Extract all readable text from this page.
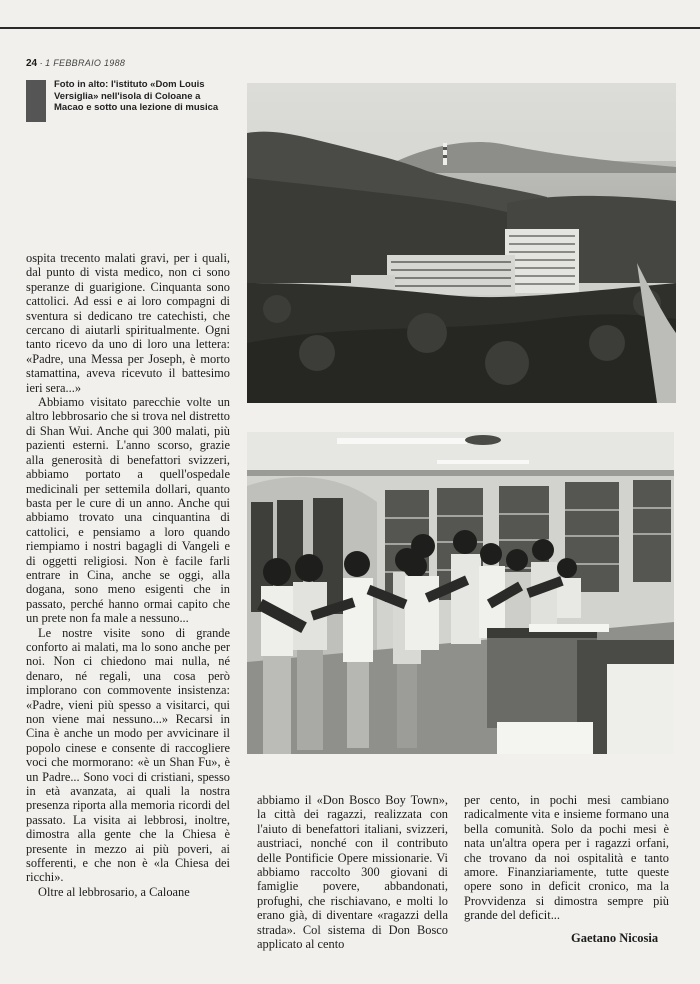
24 · 1 FEBBRAIO 1988
Foto in alto: l'istituto «Dom Louis Versiglia» nell'isola di Coloane a Macao e sotto una lezione di musica

ospita trecento malati gravi, per i quali, dal punto di vista medico, non ci sono speranze di guarigione. Cinquanta sono cattolici. Ad essi e ai loro compagni di sventura si dedicano tre catechisti, che cercano di aiutarli spiritualmente. Ogni tanto ricevo da uno di loro una lettera: «Padre, una Messa per Joseph, è morto stamattina, aveva ricevuto il battesimo ieri sera...»

Abbiamo visitato parecchie volte un altro lebbrosario che si trova nel distretto di Shan Wui. Anche qui 300 malati, più pazienti esterni. L'anno scorso, grazie alla generosità di benefattori svizzeri, abbiamo portato a quell'ospedale medicinali per settemila dollari, quanto basta per le cure di un anno. Anche qui abbiamo trovato una cinquantina di cattolici, e pensiamo a loro quando riempiamo i nostri bagagli di Vangeli e di oggetti religiosi. Non è facile farli entrare in Cina, anche se oggi, alla dogana, sono meno esigenti che in passato, perché hanno ormai capito che un prete non fa male a nessuno...

Le nostre visite sono di grande conforto ai malati, ma lo sono anche per noi. Non ci chiedono mai nulla, né denaro, né regali, una cosa però implorano con commovente insistenza: «Padre, vieni più spesso a visitarci, qui non viene mai nessuno...» Recarsi in Cina è anche un modo per avvicinare il popolo cinese e consente di raccogliere voci che mormorano: «è un Shan Fu», è un Padre... Sono voci di cristiani, spesso in età avanzata, ai quali la nostra presenza riporta alla memoria ricordi del passato. La visita ai lebbrosi, inoltre, dimostra alla gente che la Chiesa è presente in mezzo ai più poveri, ai sofferenti, e che non è «la Chiesa dei ricchi».

Oltre al lebbrosario, a Caloane

abbiamo il «Don Bosco Boy Town», la città dei ragazzi, realizzata con l'aiuto di benefattori italiani, svizzeri, austriaci, nonché con il contributo delle Pontificie Opere missionarie. Vi abbiamo raccolto 300 giovani di famiglie povere, abbandonati, profughi, che rischiavano, e molti lo erano già, di diventare «ragazzi della strada». Col sistema di Don Bosco applicato al cento

per cento, in pochi mesi cambiano radicalmente vita e insieme formano una bella comunità. Solo da pochi mesi è nata un'altra opera per i ragazzi orfani, che trovano da noi ospitalità e tanto amore. Finanziariamente, tutte queste opere sono in deficit cronico, ma la Provvidenza si dimostra sempre più grande del deficit...

Gaetano Nicosia
